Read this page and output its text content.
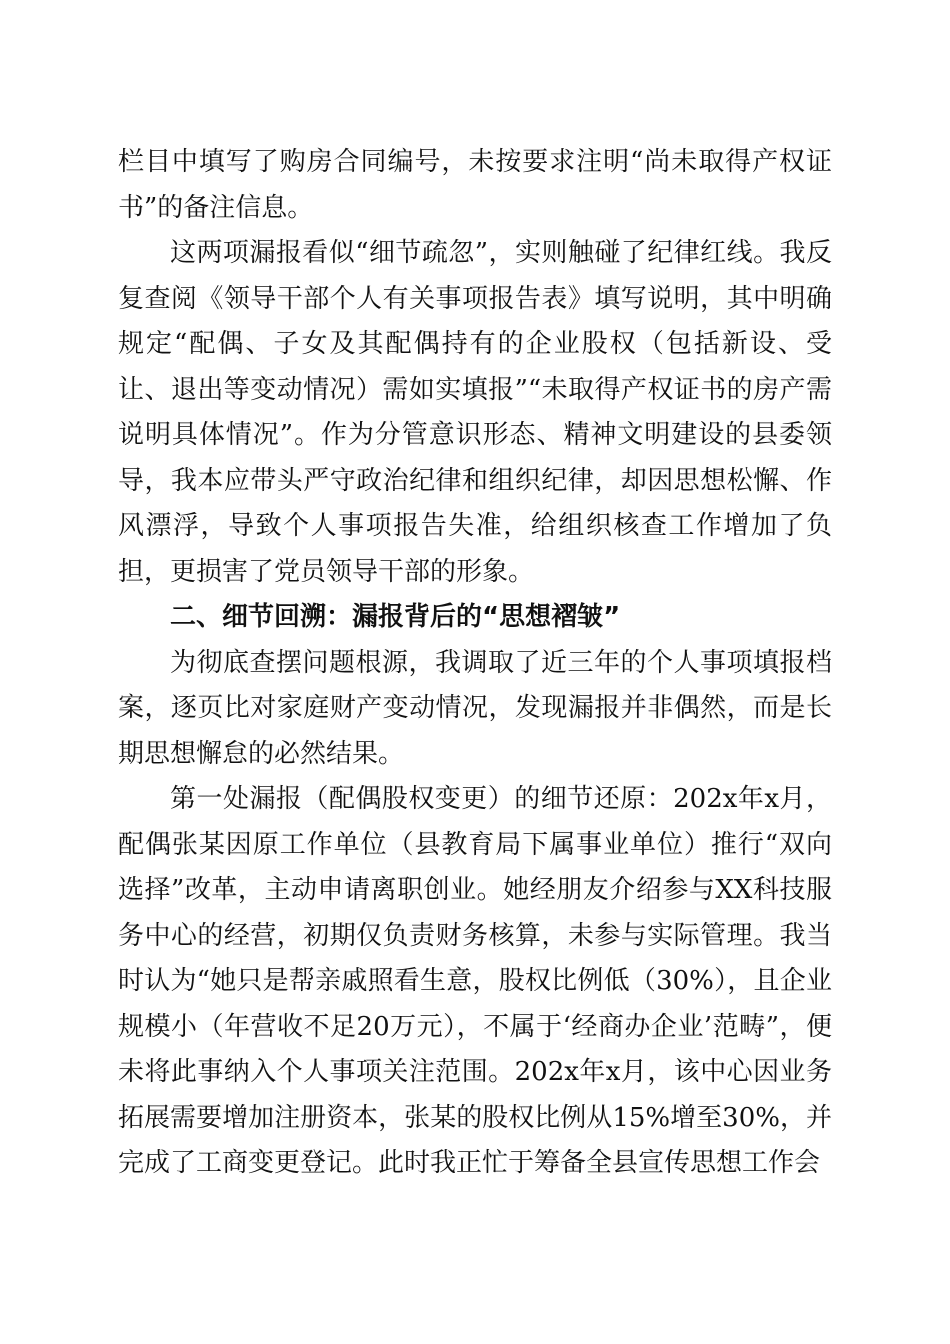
栏目中填写了购房合同编号，未按要求注明“尚未取得产权证书”的备注信息。

这两项漏报看似“细节疏忽”，实则触碰了纪律红线。我反复查阅《领导干部个人有关事项报告表》填写说明，其中明确规定“配偶、子女及其配偶持有的企业股权（包括新设、受让、退出等变动情况）需如实填报”“未取得产权证书的房产需说明具体情况”。作为分管意识形态、精神文明建设的县委领导，我本应带头严守政治纪律和组织纪律，却因思想松懈、作风漂浮，导致个人事项报告失准，给组织核查工作增加了负担，更损害了党员领导干部的形象。

二、细节回溯：漏报背后的“思想褶皱”

为彻底查摆问题根源，我调取了近三年的个人事项填报档案，逐页比对家庭财产变动情况，发现漏报并非偶然，而是长期思想懈怠的必然结果。

第一处漏报（配偶股权变更）的细节还原：202x年x月，配偶张某因原工作单位（县教育局下属事业单位）推行“双向选择”改革，主动申请离职创业。她经朋友介绍参与XX科技服务中心的经营，初期仅负责财务核算，未参与实际管理。我当时认为“她只是帮亲戚照看生意，股权比例低（30%），且企业规模小（年营收不足20万元），不属于‘经商办企业’范畴”，便未将此事纳入个人事项关注范围。202x年x月，该中心因业务拓展需要增加注册资本，张某的股权比例从15%增至30%，并完成了工商变更登记。此时我正忙于筹备全县宣传思想工作会
